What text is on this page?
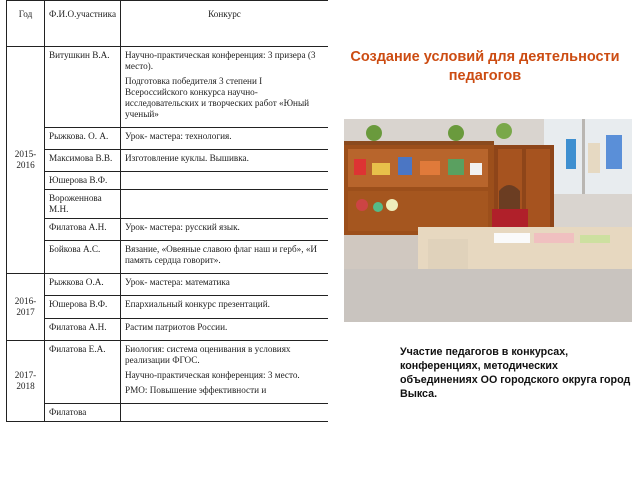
Год	Ф.И.О.участника	Конкурс
2015-2016	Витушкин В.А.	Научно-практическая конференция: 3 призера (3 место).

Подготовка победителя 3 степени I Всероссийского конкурса научно-исследовательских и творческих работ «Юный ученый»

	Рыжкова. О. А.	Урок- мастера: технология.

	Максимова В.В.	Изготовление куклы. Вышивка.

	Юшерова В.Ф.	

	Вороженнова М.Н.	

	Филатова А.Н.	Урок- мастера: русский язык.

	Бойкова А.С.	Вязание, «Овеяные славою флаг наш и герб», «И память сердца говорит».

2016-2017	Рыжкова О.А.	Урок- мастера: математика

	Юшерова В.Ф.	Епархиальный конкурс презентаций.

	Филатова А.Н.	Растим патриотов России.

2017-2018	Филатова Е.А.	Биология: система оценивания в условиях реализации ФГОС.

Научно-практическая конференция: 3 место.

РМО: Повышение эффективности и

	Филатова	

Создание условий для деятельности педагогов
Участие педагогов в конкурсах, конференциях, методических объединениях ОО городского округа город Выкса.
